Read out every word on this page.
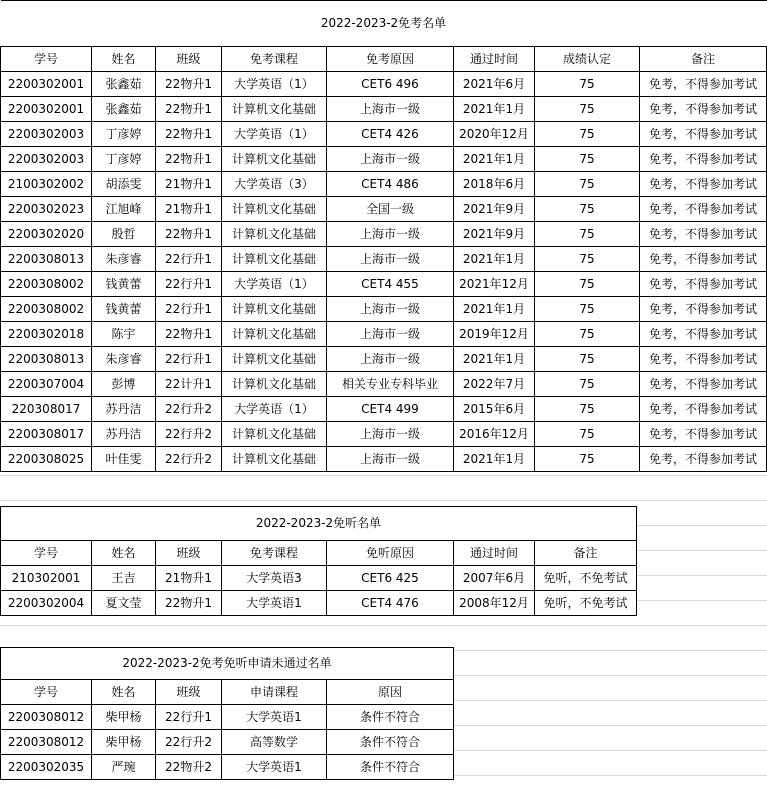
2022-2023-2免考名单							
学号	姓名	班级	免考课程	免考原因	通过时间	成绩认定	备注
2200302001	张鑫茹	22物升1	大学英语（1）	CET6 496	2021年6月	75	免考，不得参加考试
2200302001	张鑫茹	22物升1	计算机文化基础	上海市一级	2021年1月	75	免考，不得参加考试
2200302003	丁彦婷	22物升1	大学英语（1）	CET4 426	2020年12月	75	免考，不得参加考试
2200302003	丁彦婷	22物升1	计算机文化基础	上海市一级	2021年1月	75	免考，不得参加考试
2100302002	胡添雯	21物升1	大学英语（3）	CET4 486	2018年6月	75	免考，不得参加考试
2200302023	江旭峰	21物升1	计算机文化基础	全国一级	2021年9月	75	免考，不得参加考试
2200302020	殷哲	22物升1	计算机文化基础	上海市一级	2021年9月	75	免考，不得参加考试
2200308013	朱彦睿	22行升1	计算机文化基础	上海市一级	2021年1月	75	免考，不得参加考试
2200308002	钱黄蕾	22行升1	大学英语（1）	CET4 455	2021年12月	75	免考，不得参加考试
2200308002	钱黄蕾	22行升1	计算机文化基础	上海市一级	2021年1月	75	免考，不得参加考试
2200302018	陈宇	22物升1	计算机文化基础	上海市一级	2019年12月	75	免考，不得参加考试
2200308013	朱彦睿	22行升1	计算机文化基础	上海市一级	2021年1月	75	免考，不得参加考试
2200307004	彭博	22计升1	计算机文化基础	相关专业专科毕业	2022年7月	75	免考，不得参加考试
220308017	苏丹洁	22行升2	大学英语（1）	CET4 499	2015年6月	75	免考，不得参加考试
2200308017	苏丹洁	22行升2	计算机文化基础	上海市一级	2016年12月	75	免考，不得参加考试
2200308025	叶佳雯	22行升2	计算机文化基础	上海市一级	2021年1月	75	免考，不得参加考试
2022-2023-2免听名单						
学号	姓名	班级	免考课程	免听原因	通过时间	备注
210302001	王吉	21物升1	大学英语3	CET6 425	2007年6月	免听，不免考试
2200302004	夏文莹	22物升1	大学英语1	CET4 476	2008年12月	免听，不免考试
2022-2023-2免考免听申请未通过名单				
学号	姓名	班级	申请课程	原因
2200308012	柴甲杨	22行升1	大学英语1	条件不符合
2200308012	柴甲杨	22行升2	高等数学	条件不符合
2200302035	严琬	22物升2	大学英语1	条件不符合
